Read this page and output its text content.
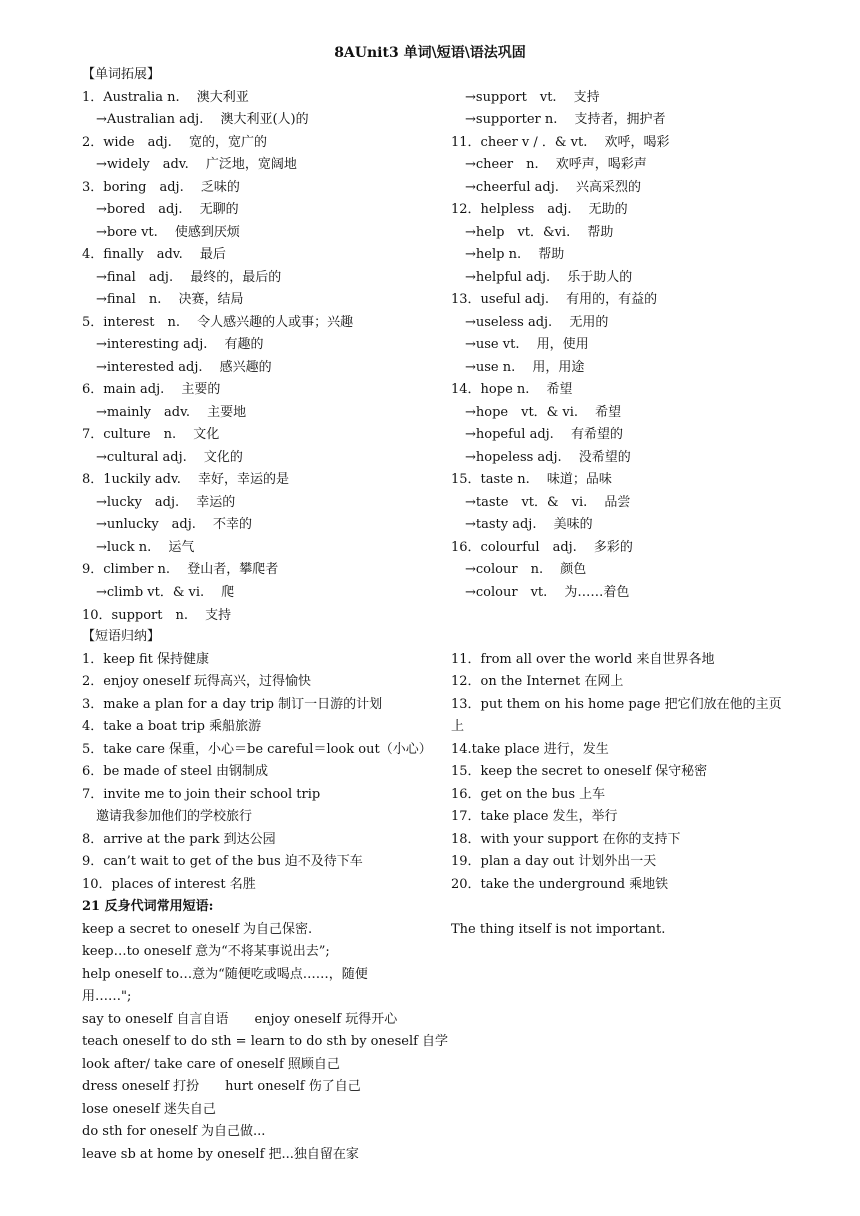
8AUnit3 单词\短语\语法巩固
【单词拓展】
1．Australia n.　 澳大利亚
→Australian adj.　 澳大利亚(人)的
2．wide　adj.　 宽的，宽广的
→widely　adv.　 广泛地，宽阔地
3．boring　adj.　 乏味的
→bored　adj.　 无聊的
→bore vt.　 使感到厌烦
4．finally　adv.　 最后
→final　adj.　 最终的，最后的
→final　n.　 决赛，结局
5．interest　n.　 令人感兴趣的人或事；兴趣
→interesting adj.　 有趣的
→interested adj.　 感兴趣的
6．main adj.　 主要的
→mainly　adv.　 主要地
7．culture　n.　 文化
→cultural adj.　 文化的
8．1uckily adv.　 幸好，幸运的是
→lucky　adj.　 幸运的
→unlucky　adj.　 不幸的
→luck n.　 运气
9．climber n.　 登山者，攀爬者
→climb vt．& vi.　 爬
10．support　n.　 支持
→support　vt.　 支持
→supporter n.　 支持者，拥护者
11．cheer v / ．& vt.　 欢呼，喝彩
→cheer　n.　 欢呼声，喝彩声
→cheerful adj.　 兴高采烈的
12．helpless　adj.　 无助的
→help　vt．&vi.　 帮助
→help n.　 帮助
→helpful adj.　 乐于助人的
13．useful adj.　 有用的，有益的
→useless adj.　 无用的
→use vt.　 用，使用
→use n.　 用，用途
14．hope n.　 希望
→hope　vt．& vi.　 希望
→hopeful adj.　 有希望的
→hopeless adj.　 没希望的
15．taste n.　 味道；品味
→taste　vt．&　vi.　 品尝
→tasty adj.　 美味的
16．colourful　adj.　 多彩的
→colour　n.　 颜色
→colour　vt.　 为……着色
【短语归纳】
1．keep fit 保持健康
2．enjoy oneself 玩得高兴，过得愉快
3．make a plan for a day trip 制订一日游的计划
4．take a boat trip 乘船旅游
5．take care 保重，小心＝be careful＝look out（小心）
6．be made of steel 由钢制成
7．invite me to join their school trip
邀请我参加他们的学校旅行
8．arrive at the park 到达公园
9．can’t wait to get of the bus 迫不及待下车
10．places of interest 名胜
11．from all over the world 来自世界各地
12．on the Internet 在网上
13．put them on his home page 把它们放在他的主页
上
14.take place 进行，发生
15．keep the secret to oneself 保守秘密
16．get on the bus 上车
17．take place 发生，举行
18．with your support 在你的支持下
19．plan a day out 计划外出一天
20．take the underground 乘地铁
21 反身代词常用短语:
keep a secret to oneself 为自己保密.
keep…to oneself 意为“不将某事说出去”;
help oneself to…意为“随便吃或喝点……，随便
用……";
say to oneself 自言自语　　enjoy oneself 玩得开心
teach oneself to do sth = learn to do sth by oneself 自学
look after/ take care of oneself 照顾自己
dress oneself 打扮　　hurt oneself 伤了自己
lose oneself 迷失自己
do sth for oneself 为自己做...
leave sb at home by oneself 把...独自留在家
The thing itself is not important.
